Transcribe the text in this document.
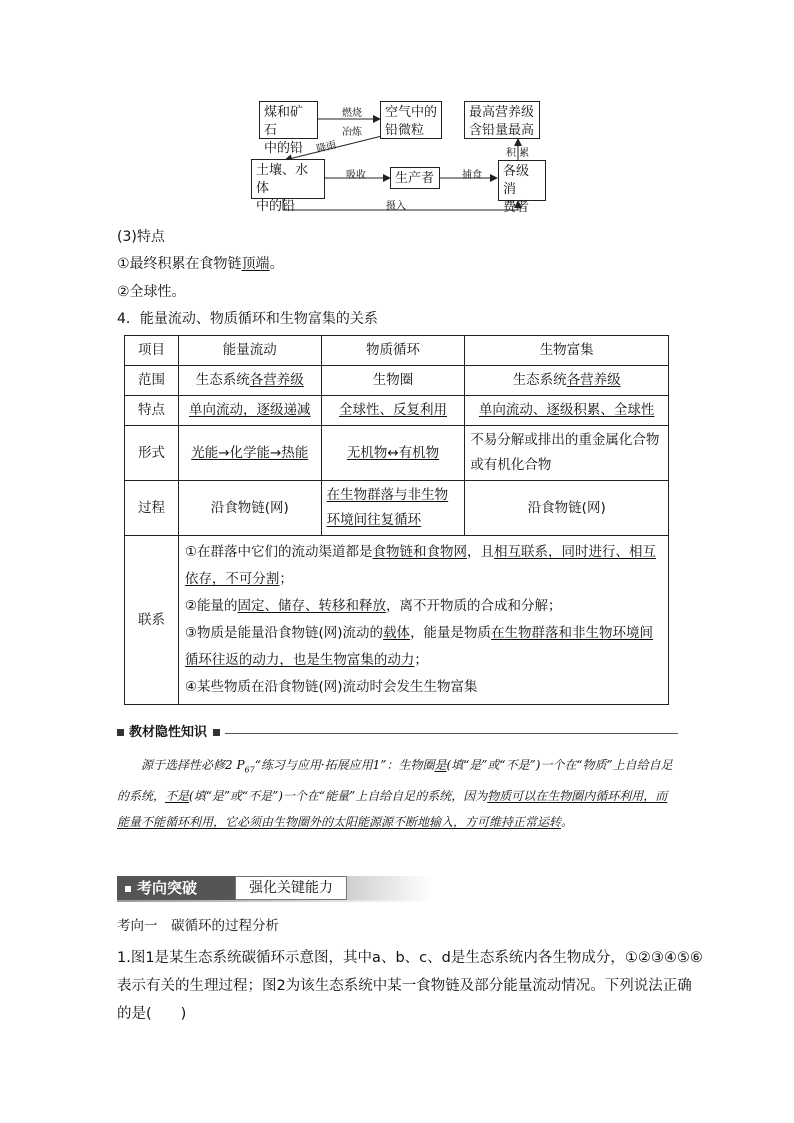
煤和矿石
中的铅
空气中的
铅微粒
最高营养级
含铅量最高
土壤、水体
中的铅
生产者	各级消
费者
燃烧
冶炼
降雨
吸收	捕食
积 累
摄入
(3)特点
①最终积累在食物链顶端。
②全球性。
4．能量流动、物质循环和生物富集的关系
项目	能量流动	物质循环	生物富集
范围	生态系统各营养级	生物圈	生态系统各营养级
特点	单向流动，逐级递减	全球性、反复利用	单向流动、逐级积累、全球性
形式	光能→化学能→热能	无机物↔有机物	不易分解或排出的重金属化合物或有机化合物
过程	沿食物链(网)	在生物群落与非生物环境间往复循环	沿食物链(网)
联系	①在群落中它们的流动渠道都是食物链和食物网，且相互联系，同时进行、相互依存，不可分割；
②能量的固定、储存、转移和释放，离不开物质的合成和分解；
③物质是能量沿食物链(网)流动的载体，能量是物质在生物群落和非生物环境间循环往返的动力，也是生物富集的动力；
④某些物质在沿食物链(网)流动时会发生生物富集		
教材隐性知识
源于选择性必修2 $P_{67}“$练习与应用·拓展应用1”：生物圈是(填“是”或“不是”)一个在“物质”上自给自足的系统，不是(填“是”或“不是”)一个在“能量”上自给自足的系统，因为物质可以在生物圈内循环利用，而能量不能循环利用，它必须由生物圈外的太阳能源源不断地输入，方可维持正常运转。
考向突破	强化关键能力
考向一　碳循环的过程分析
1.图1是某生态系统碳循环示意图，其中a、b、c、d是生态系统内各生物成分，①②③④⑤⑥
表示有关的生理过程；图2为该生态系统中某一食物链及部分能量流动情况。下列说法正确
的是(　　)
